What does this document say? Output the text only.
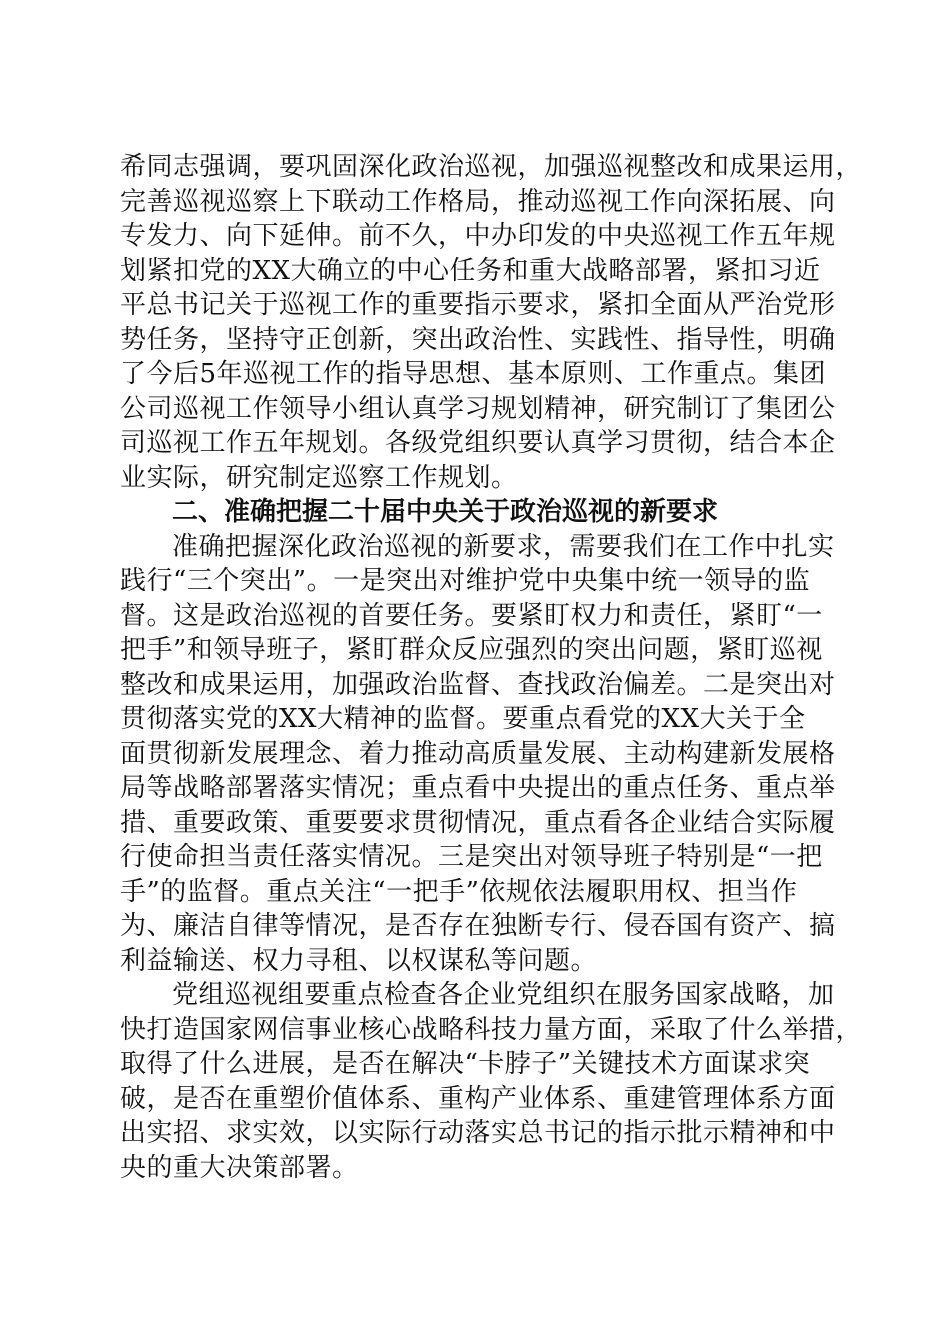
希同志强调，要巩固深化政治巡视，加强巡视整改和成果运用，
完善巡视巡察上下联动工作格局，推动巡视工作向深拓展、向
专发力、向下延伸。前不久，中办印发的中央巡视工作五年规
划紧扣党的XX大确立的中心任务和重大战略部署，紧扣习近
平总书记关于巡视工作的重要指示要求，紧扣全面从严治党形
势任务，坚持守正创新，突出政治性、实践性、指导性，明确
了今后5年巡视工作的指导思想、基本原则、工作重点。集团
公司巡视工作领导小组认真学习规划精神，研究制订了集团公
司巡视工作五年规划。各级党组织要认真学习贯彻，结合本企
业实际，研究制定巡察工作规划。
二、准确把握二十届中央关于政治巡视的新要求
准确把握深化政治巡视的新要求，需要我们在工作中扎实
践行“三个突出”。一是突出对维护党中央集中统一领导的监
督。这是政治巡视的首要任务。要紧盯权力和责任，紧盯“一
把手”和领导班子，紧盯群众反应强烈的突出问题，紧盯巡视
整改和成果运用，加强政治监督、查找政治偏差。二是突出对
贯彻落实党的XX大精神的监督。要重点看党的XX大关于全
面贯彻新发展理念、着力推动高质量发展、主动构建新发展格
局等战略部署落实情况；重点看中央提出的重点任务、重点举
措、重要政策、重要要求贯彻情况，重点看各企业结合实际履
行使命担当责任落实情况。三是突出对领导班子特别是“一把
手”的监督。重点关注“一把手”依规依法履职用权、担当作
为、廉洁自律等情况，是否存在独断专行、侵吞国有资产、搞
利益输送、权力寻租、以权谋私等问题。
党组巡视组要重点检查各企业党组织在服务国家战略，加
快打造国家网信事业核心战略科技力量方面，采取了什么举措，
取得了什么进展，是否在解决“卡脖子”关键技术方面谋求突
破，是否在重塑价值体系、重构产业体系、重建管理体系方面
出实招、求实效，以实际行动落实总书记的指示批示精神和中
央的重大决策部署。
